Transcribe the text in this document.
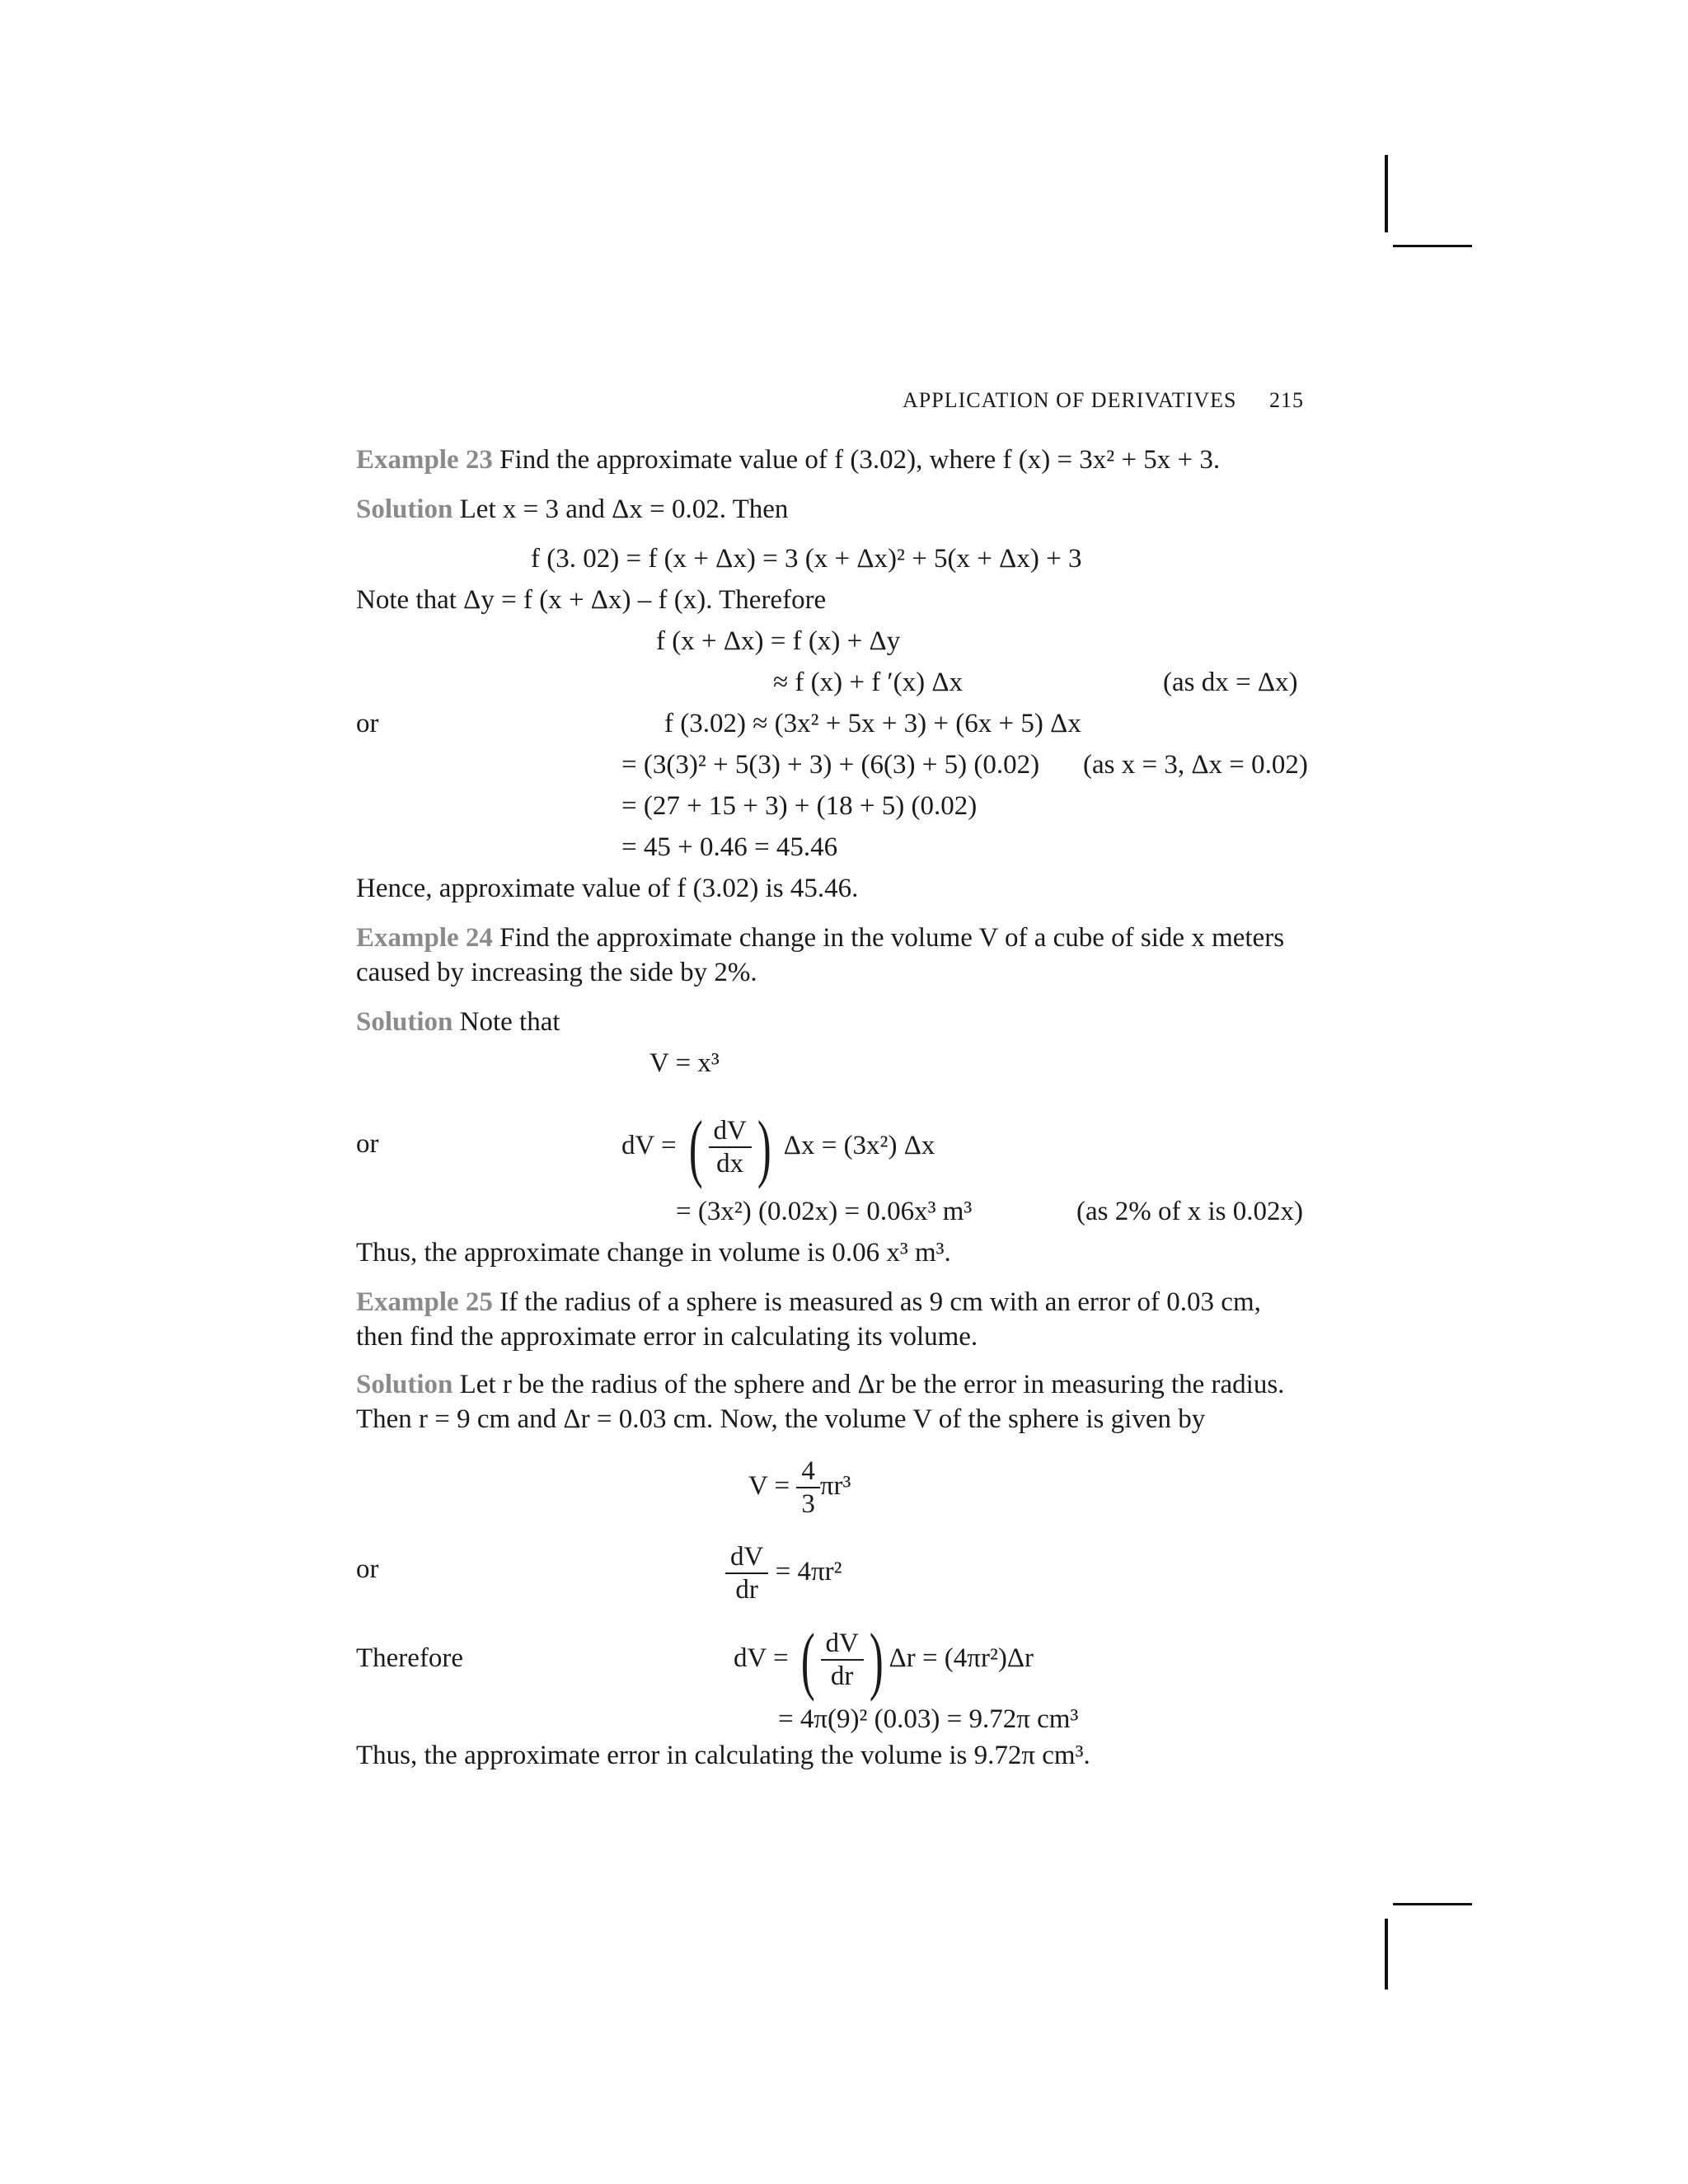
APPLICATION OF DERIVATIVES 215
Example 23 Find the approximate value of f (3.02), where f (x) = 3x² + 5x + 3.
Solution Let x = 3 and Δx = 0.02. Then
f (3. 02) = f (x + Δx) = 3 (x + Δx)² + 5(x + Δx) + 3
Note that Δy = f (x + Δx) – f (x). Therefore
f (x + Δx) = f (x) + Δy
≈ f (x) + f ′(x) Δx	(as dx = Δx)
or	f (3.02) ≈ (3x² + 5x + 3) + (6x + 5) Δx
= (3(3)² + 5(3) + 3) + (6(3) + 5) (0.02) (as x = 3, Δx = 0.02)
= (27 + 15 + 3) + (18 + 5) (0.02)
= 45 + 0.46 = 45.46
Hence, approximate value of f (3.02) is 45.46.
Example 24 Find the approximate change in the volume V of a cube of side x meters
caused by increasing the side by 2%.
Solution Note that
V = x³
or	dV = ( $\frac{dV}{dx}$ ) Δx = (3x²) Δx
= (3x²) (0.02x) = 0.06x³ m³	(as 2% of x is 0.02x)
Thus, the approximate change in volume is 0.06 x³ m³.
Example 25 If the radius of a sphere is measured as 9 cm with an error of 0.03 cm,
then find the approximate error in calculating its volume.
Solution Let r be the radius of the sphere and Δr be the error in measuring the radius.
Then r = 9 cm and Δr = 0.03 cm. Now, the volume V of the sphere is given by
$V = \frac{4}{3} \pi r^3$
or	$\frac{dV}{dr} = 4\pi r^2$
Therefore	dV = ( $\frac{dV}{dr}$ ) Δr = (4πr²)Δr
= 4π(9)² (0.03) = 9.72π cm³
Thus, the approximate error in calculating the volume is 9.72π cm³.
